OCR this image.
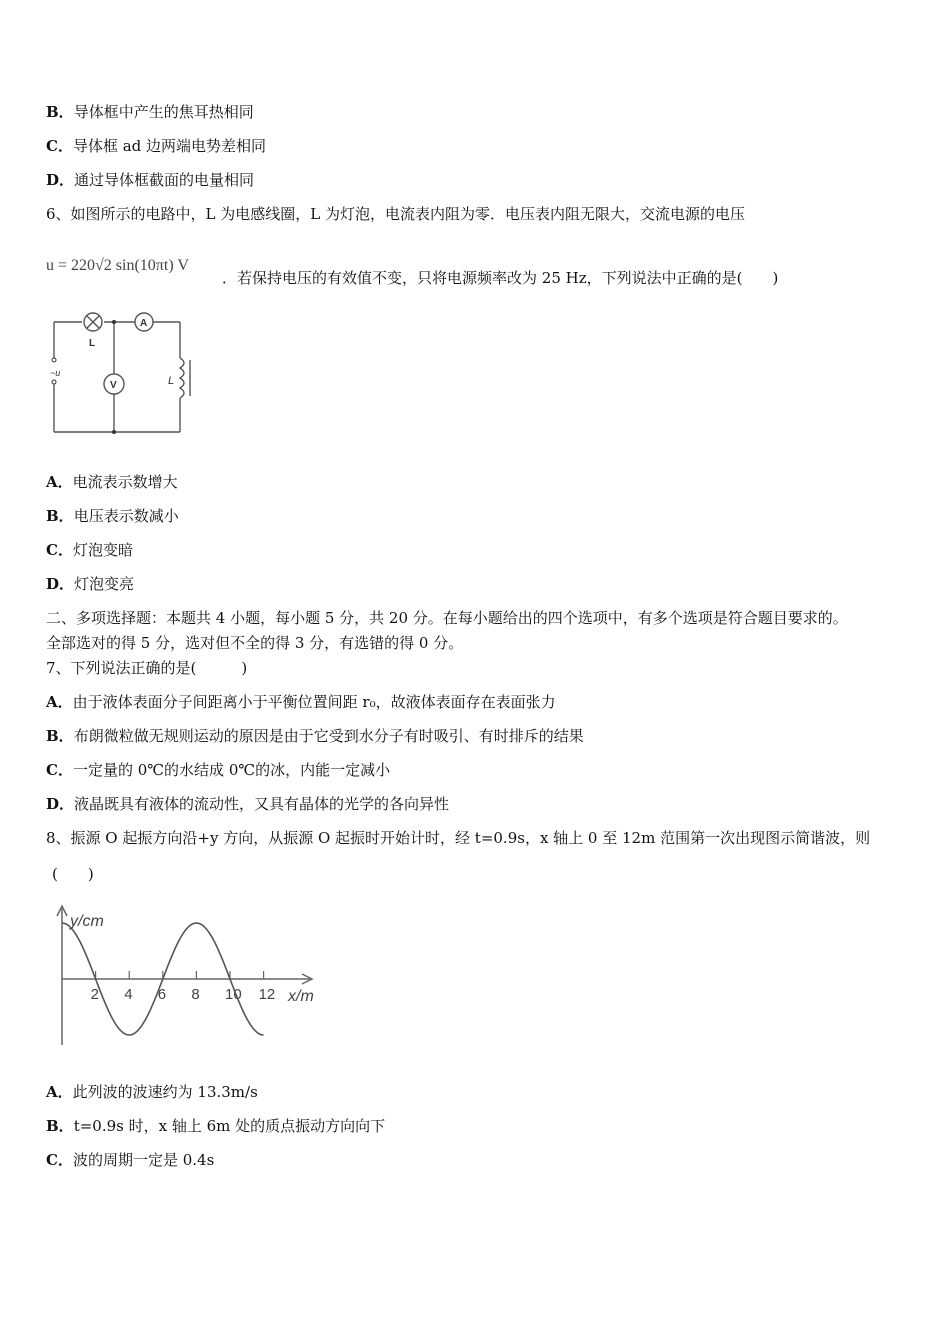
B．导体框中产生的焦耳热相同
C．导体框 ad 边两端电势差相同
D．通过导体框截面的电量相同
6、如图所示的电路中，L 为电感线圈，L 为灯泡，电流表内阻为零．电压表内阻无限大，交流电源的电压
u = 220√2 sin(10πt) V
．若保持电压的有效值不变，只将电源频率改为 25 Hz，下列说法中正确的是(　　)
L
A
V	L
~u
A．电流表示数增大
B．电压表示数减小
C．灯泡变暗
D．灯泡变亮
二、多项选择题：本题共 4 小题，每小题 5 分，共 20 分。在每小题给出的四个选项中，有多个选项是符合题目要求的。
全部选对的得 5 分，选对但不全的得 3 分，有选错的得 0 分。
7、下列说法正确的是(　　　)
A．由于液体表面分子间距离小于平衡位置间距 r₀，故液体表面存在表面张力
B．布朗微粒做无规则运动的原因是由于它受到水分子有时吸引、有时排斥的结果
C．一定量的 0℃的水结成 0℃的冰，内能一定减小
D．液晶既具有液体的流动性，又具有晶体的光学的各向异性
8、振源 O 起振方向沿+y 方向，从振源 O 起振时开始计时，经 t=0.9s，x 轴上 0 至 12m 范围第一次出现图示简谐波，则
(　　)
2 4 6 8 10 12
y/cm
x/m
A．此列波的波速约为 13.3m/s
B．t=0.9s 时，x 轴上 6m 处的质点振动方向向下
C．波的周期一定是 0.4s
